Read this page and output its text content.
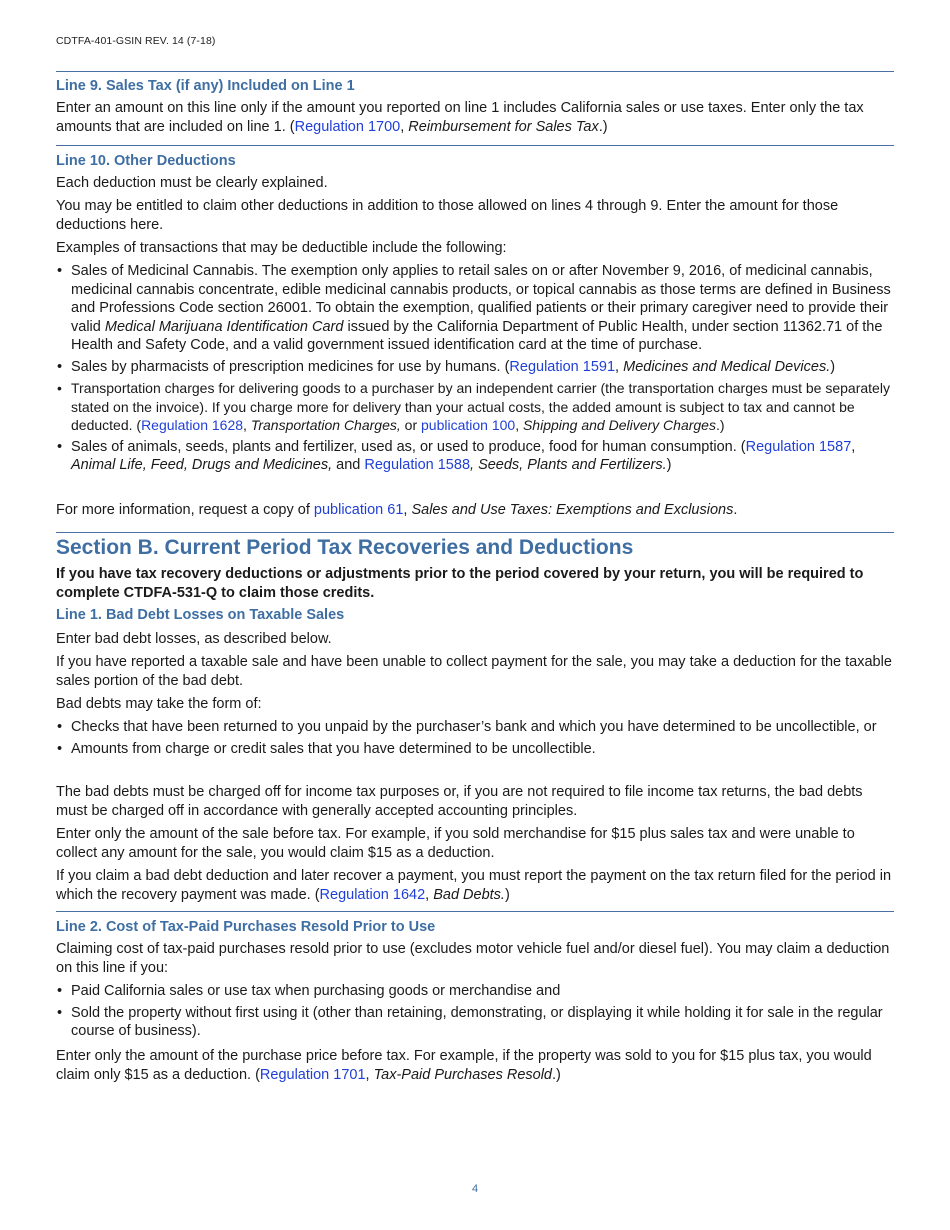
CDTFA-401-GSIN REV. 14 (7-18)
Line 9. Sales Tax (if any) Included on Line 1

Enter an amount on this line only if the amount you reported on line 1 includes California sales or use taxes. Enter only the tax amounts that are included on line 1. (Regulation 1700, Reimbursement for Sales Tax.)

Line 10. Other Deductions

Each deduction must be clearly explained.

You may be entitled to claim other deductions in addition to those allowed on lines 4 through 9. Enter the amount for those deductions here.

Examples of transactions that may be deductible include the following:

• Sales of Medicinal Cannabis. The exemption only applies to retail sales on or after November 9, 2016, of medicinal cannabis, medicinal cannabis concentrate, edible medicinal cannabis products, or topical cannabis as those terms are defined in Business and Professions Code section 26001. To obtain the exemption, qualified patients or their primary caregiver need to provide their valid Medical Marijuana Identification Card issued by the California Department of Public Health, under section 11362.71 of the Health and Safety Code, and a valid government issued identification card at the time of purchase.
• Sales by pharmacists of prescription medicines for use by humans. (Regulation 1591, Medicines and Medical Devices.)
• Transportation charges for delivering goods to a purchaser by an independent carrier (the transportation charges must be separately stated on the invoice). If you charge more for delivery than your actual costs, the added amount is subject to tax and cannot be deducted. (Regulation 1628, Transportation Charges, or publication 100, Shipping and Delivery Charges.)
• Sales of animals, seeds, plants and fertilizer, used as, or used to produce, food for human consumption. (Regulation 1587, Animal Life, Feed, Drugs and Medicines, and Regulation 1588, Seeds, Plants and Fertilizers.)

For more information, request a copy of publication 61, Sales and Use Taxes: Exemptions and Exclusions.

Section B. Current Period Tax Recoveries and Deductions

If you have tax recovery deductions or adjustments prior to the period covered by your return, you will be required to complete CTDFA-531-Q to claim those credits.

Line 1. Bad Debt Losses on Taxable Sales

Enter bad debt losses, as described below.

If you have reported a taxable sale and have been unable to collect payment for the sale, you may take a deduction for the taxable sales portion of the bad debt.

Bad debts may take the form of:

• Checks that have been returned to you unpaid by the purchaser’s bank and which you have determined to be uncollectible, or
• Amounts from charge or credit sales that you have determined to be uncollectible.

The bad debts must be charged off for income tax purposes or, if you are not required to file income tax returns, the bad debts must be charged off in accordance with generally accepted accounting principles.

Enter only the amount of the sale before tax. For example, if you sold merchandise for $15 plus sales tax and were unable to collect any amount for the sale, you would claim $15 as a deduction.

If you claim a bad debt deduction and later recover a payment, you must report the payment on the tax return filed for the period in which the recovery payment was made. (Regulation 1642, Bad Debts.)

Line 2. Cost of Tax-Paid Purchases Resold Prior to Use

Claiming cost of tax-paid purchases resold prior to use (excludes motor vehicle fuel and/or diesel fuel). You may claim a deduction on this line if you:

• Paid California sales or use tax when purchasing goods or merchandise and
• Sold the property without first using it (other than retaining, demonstrating, or displaying it while holding it for sale in the regular course of business).

Enter only the amount of the purchase price before tax. For example, if the property was sold to you for $15 plus tax, you would claim only $15 as a deduction. (Regulation 1701, Tax-Paid Purchases Resold.)

4
